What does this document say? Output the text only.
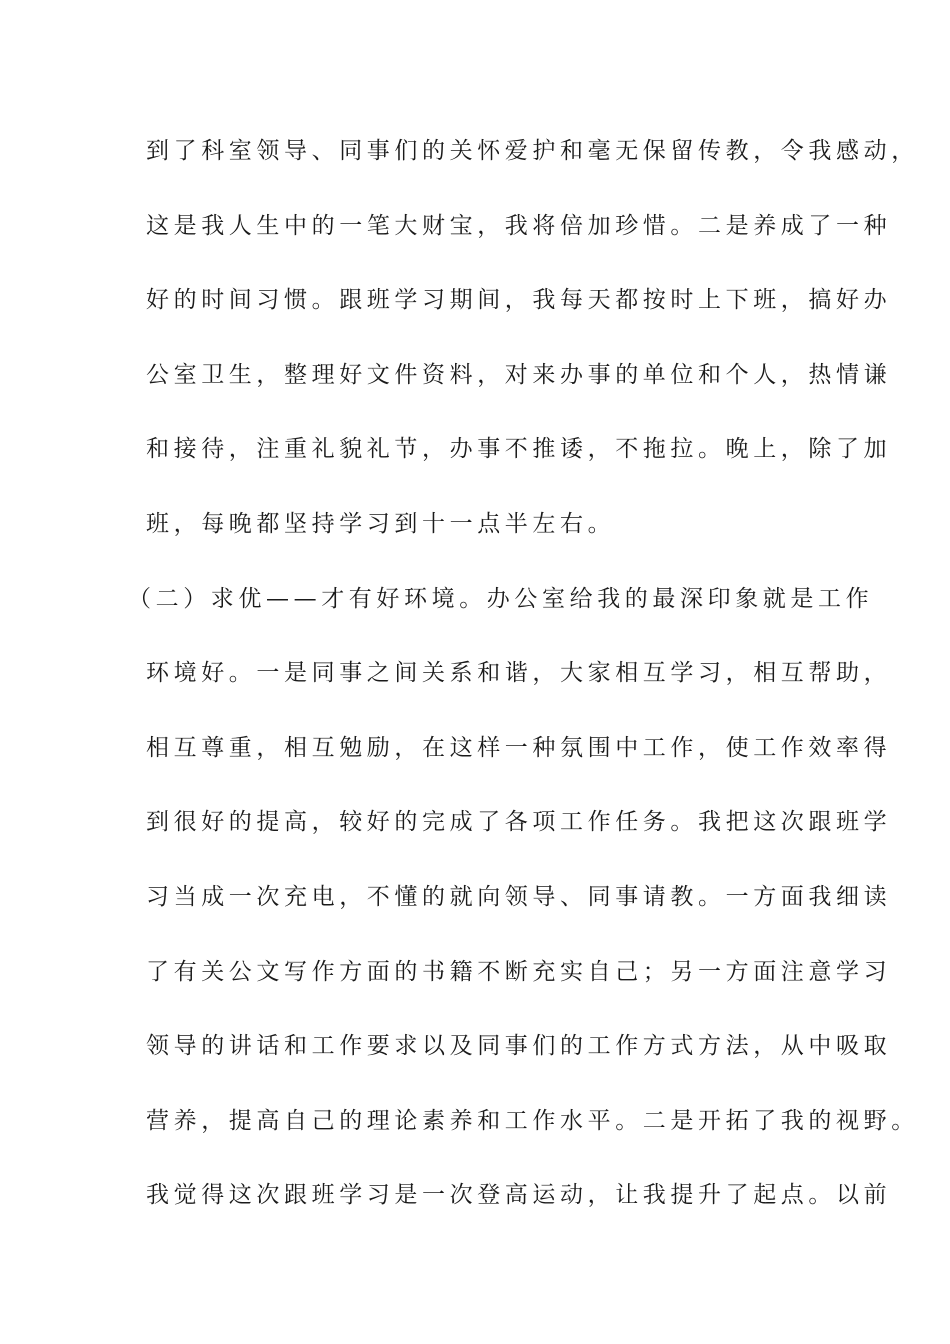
到了科室领导、同事们的关怀爱护和毫无保留传教，令我感动，
这是我人生中的一笔大财宝，我将倍加珍惜。二是养成了一种
好的时间习惯。跟班学习期间，我每天都按时上下班，搞好办
公室卫生，整理好文件资料，对来办事的单位和个人，热情谦
和接待，注重礼貌礼节，办事不推诿，不拖拉。晚上，除了加
班，每晚都坚持学习到十一点半左右。
（二）求优——才有好环境。办公室给我的最深印象就是工作
环境好。一是同事之间关系和谐，大家相互学习，相互帮助，
相互尊重，相互勉励，在这样一种氛围中工作，使工作效率得
到很好的提高，较好的完成了各项工作任务。我把这次跟班学
习当成一次充电，不懂的就向领导、同事请教。一方面我细读
了有关公文写作方面的书籍不断充实自己；另一方面注意学习
领导的讲话和工作要求以及同事们的工作方式方法，从中吸取
营养，提高自己的理论素养和工作水平。二是开拓了我的视野。
我觉得这次跟班学习是一次登高运动，让我提升了起点。以前
